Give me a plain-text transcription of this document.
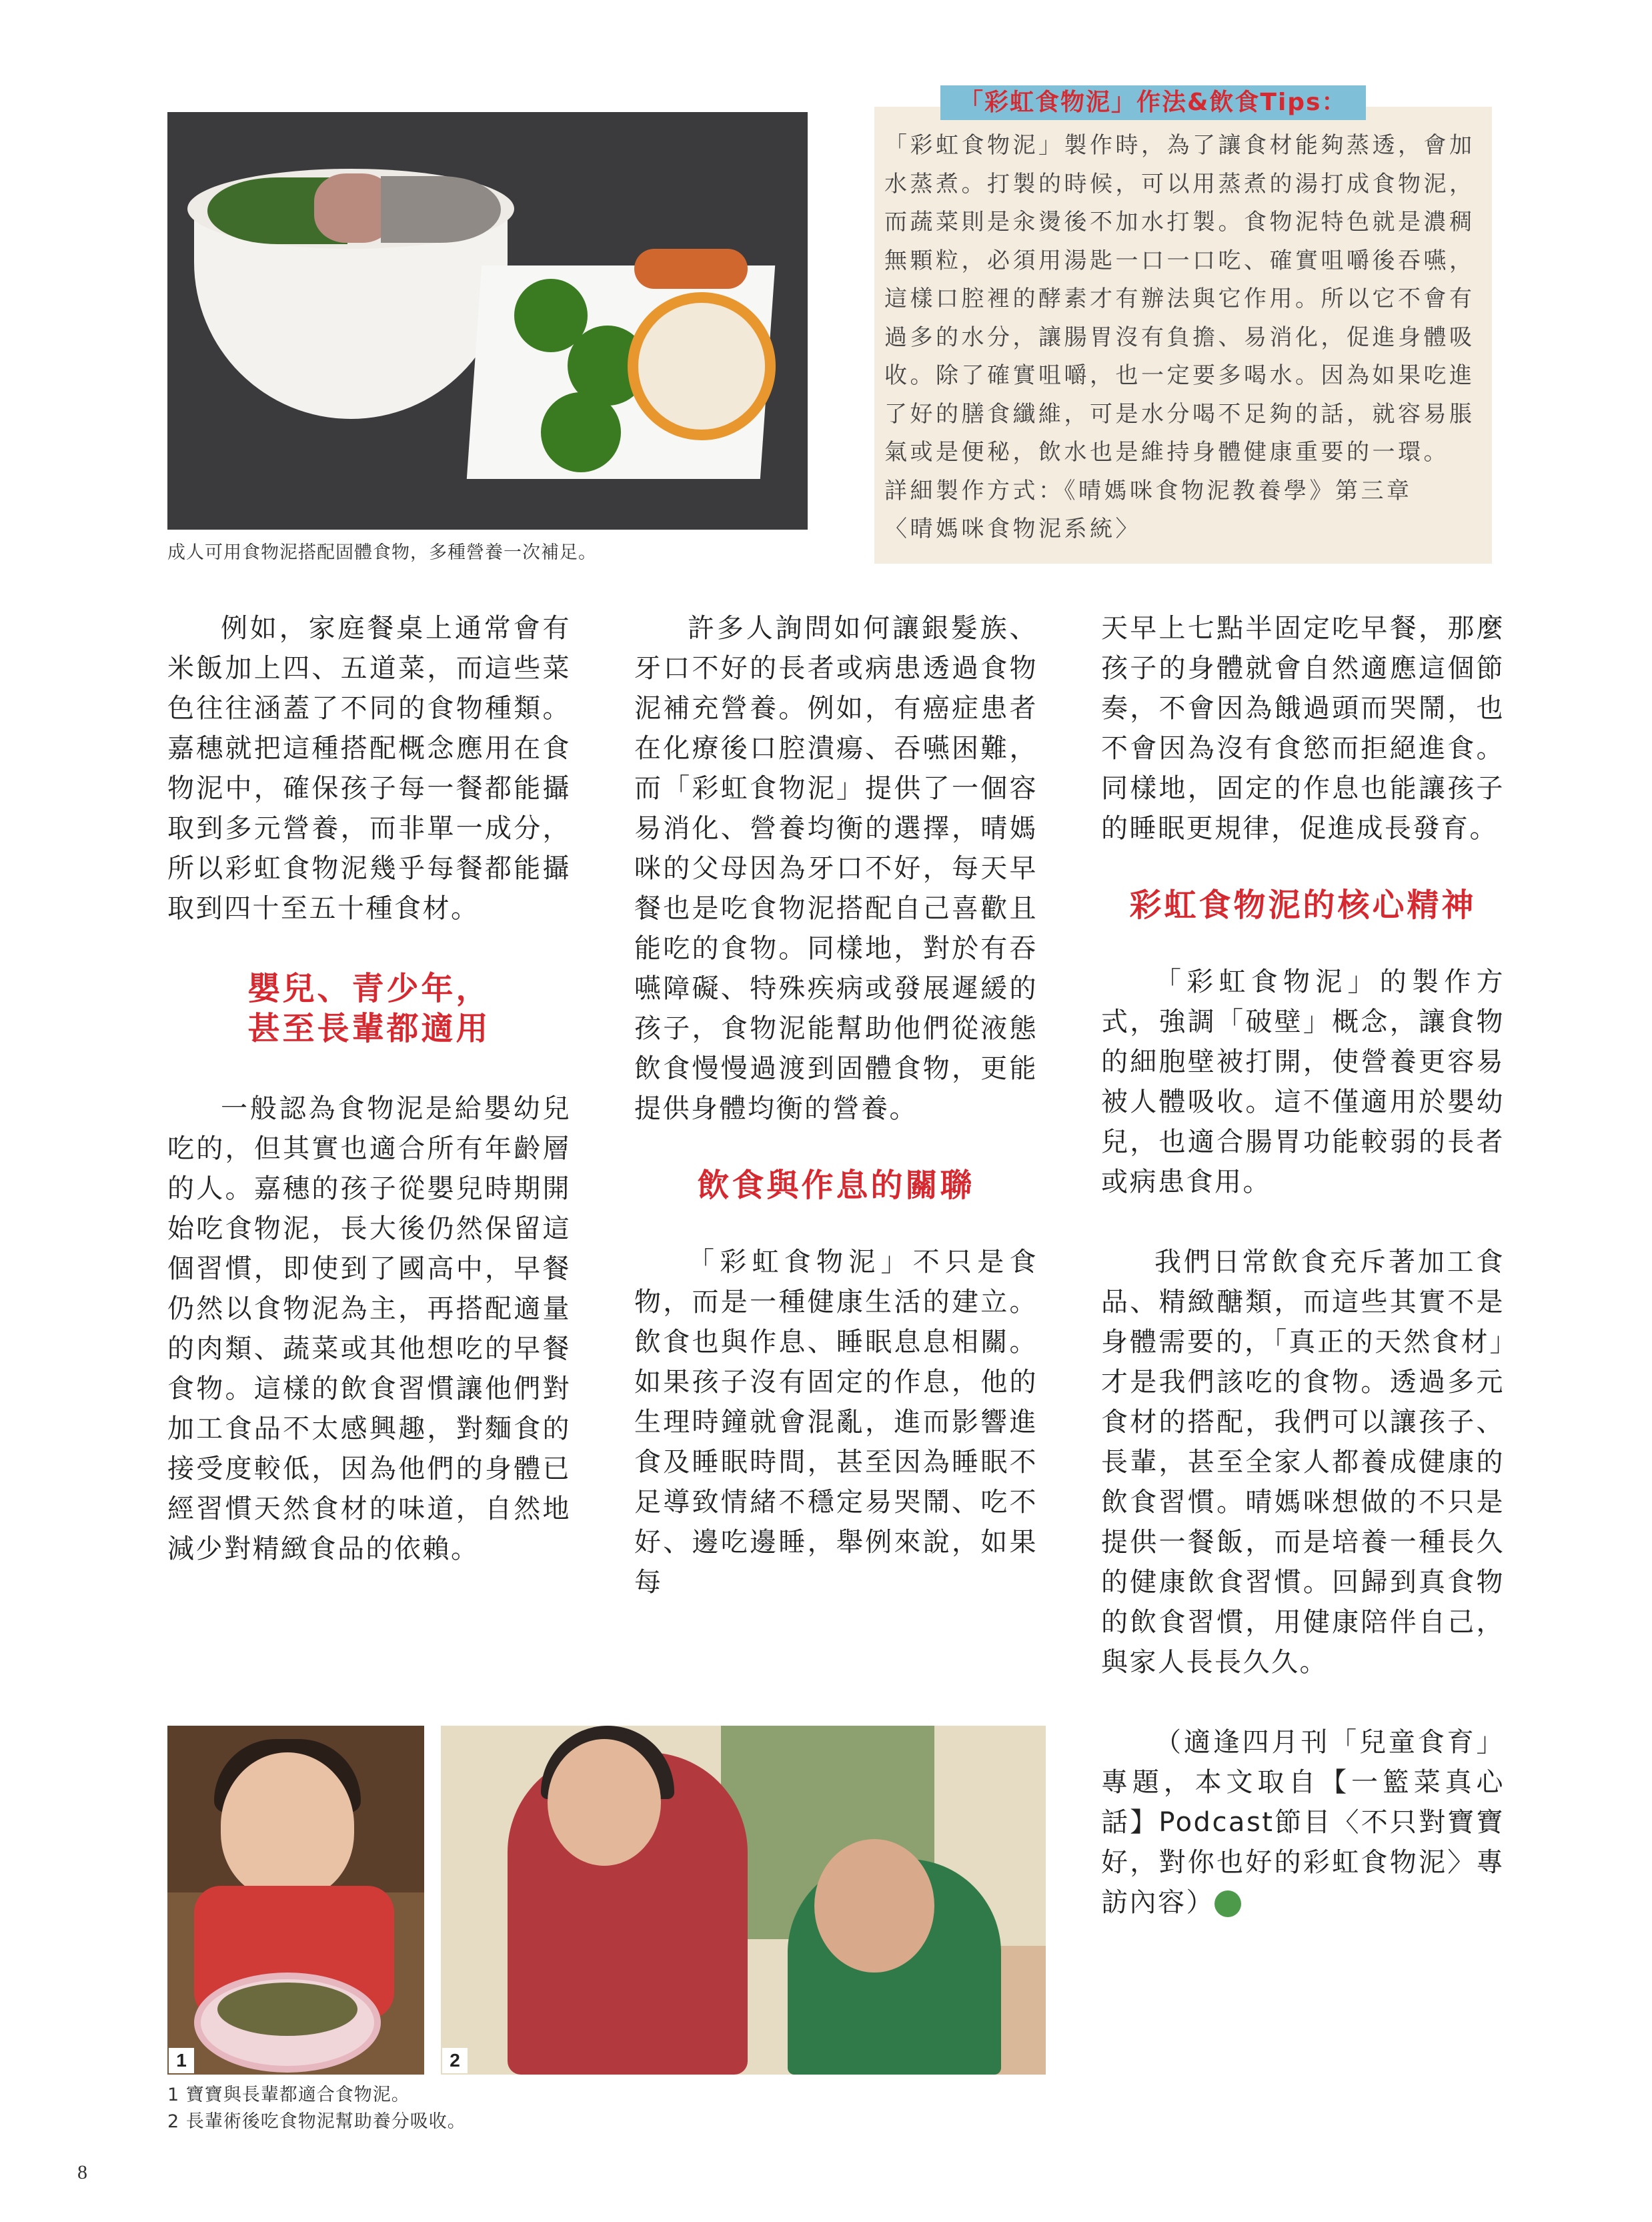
成人可用食物泥搭配固體食物，多種營養一次補足。
「彩虹食物泥」作法&飲食Tips：
「彩虹食物泥」製作時，為了讓食材能夠蒸透，會加
水蒸煮。打製的時候，可以用蒸煮的湯打成食物泥，
而蔬菜則是汆燙後不加水打製。食物泥特色就是濃稠
無顆粒，必須用湯匙一口一口吃、確實咀嚼後吞嚥，
這樣口腔裡的酵素才有辦法與它作用。所以它不會有
過多的水分，讓腸胃沒有負擔、易消化，促進身體吸
收。除了確實咀嚼，也一定要多喝水。因為如果吃進
了好的膳食纖維，可是水分喝不足夠的話，就容易脹
氣或是便秘，飲水也是維持身體健康重要的一環。
詳細製作方式：《晴媽咪食物泥教養學》第三章
〈晴媽咪食物泥系統〉

例如，家庭餐桌上通常會有米飯加上四、五道菜，而這些菜色往往涵蓋了不同的食物種類。嘉穗就把這種搭配概念應用在食物泥中，確保孩子每一餐都能攝取到多元營養，而非單一成分，所以彩虹食物泥幾乎每餐都能攝取到四十至五十種食材。

嬰兒、青少年，
甚至長輩都適用

一般認為食物泥是給嬰幼兒吃的，但其實也適合所有年齡層的人。嘉穗的孩子從嬰兒時期開始吃食物泥，長大後仍然保留這個習慣，即使到了國高中，早餐仍然以食物泥為主，再搭配適量的肉類、蔬菜或其他想吃的早餐食物。這樣的飲食習慣讓他們對加工食品不太感興趣，對麵食的接受度較低，因為他們的身體已經習慣天然食材的味道，自然地減少對精緻食品的依賴。

許多人詢問如何讓銀髮族、牙口不好的長者或病患透過食物泥補充營養。例如，有癌症患者在化療後口腔潰瘍、吞嚥困難，而「彩虹食物泥」提供了一個容易消化、營養均衡的選擇，晴媽咪的父母因為牙口不好，每天早餐也是吃食物泥搭配自己喜歡且能吃的食物。同樣地，對於有吞嚥障礙、特殊疾病或發展遲緩的孩子，食物泥能幫助他們從液態飲食慢慢過渡到固體食物，更能提供身體均衡的營養。

飲食與作息的關聯

「彩虹食物泥」不只是食物，而是一種健康生活的建立。飲食也與作息、睡眠息息相關。如果孩子沒有固定的作息，他的生理時鐘就會混亂，進而影響進食及睡眠時間，甚至因為睡眠不足導致情緒不穩定易哭鬧、吃不好、邊吃邊睡，舉例來說，如果每

天早上七點半固定吃早餐，那麼孩子的身體就會自然適應這個節奏，不會因為餓過頭而哭鬧，也不會因為沒有食慾而拒絕進食。同樣地，固定的作息也能讓孩子的睡眠更規律，促進成長發育。

彩虹食物泥的核心精神

「彩虹食物泥」的製作方式，強調「破壁」概念，讓食物的細胞壁被打開，使營養更容易被人體吸收。這不僅適用於嬰幼兒，也適合腸胃功能較弱的長者或病患食用。

我們日常飲食充斥著加工食品、精緻醣類，而這些其實不是身體需要的，「真正的天然食材」才是我們該吃的食物。透過多元食材的搭配，我們可以讓孩子、長輩，甚至全家人都養成健康的飲食習慣。晴媽咪想做的不只是提供一餐飯，而是培養一種長久的健康飲食習慣。回歸到真食物的飲食習慣，用健康陪伴自己，與家人長長久久。

（適逢四月刊「兒童食育」專題，本文取自【一籃菜真心話】Podcast節目〈不只對寶寶好，對你也好的彩虹食物泥〉專訪內容）	綠

1	2
1 寶寶與長輩都適合食物泥。
2 長輩術後吃食物泥幫助養分吸收。
8
